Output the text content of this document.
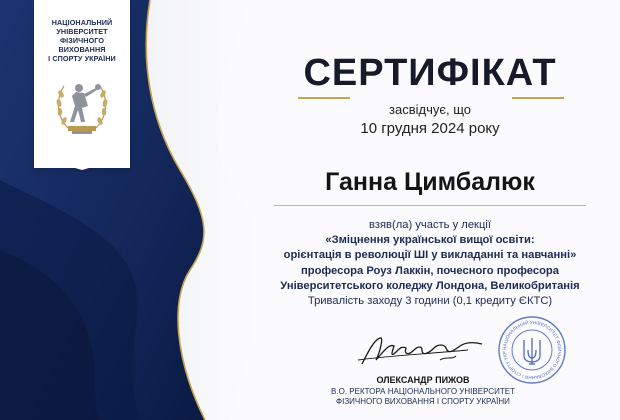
НАЦІОНАЛЬНИЙ
УНІВЕРСИТЕТ
ФІЗИЧНОГО
ВИХОВАННЯ
І СПОРТУ УКРАЇНИ	СЕРТИФІКАТ
засвідчує, що
10 грудня 2024 року
Ганна Цимбалюк
взяв(ла) участь у лекції
«Зміцнення української вищої освіти:
орієнтація в революції ШІ у викладанні та навчанні»
професора Роуз Лаккін, почесного професора
Університетського коледжу Лондона, Великобританія
Тривалість заходу 3 години (0,1 кредиту ЄКТС)
НАЦІОНАЛЬНИЙ УНІВЕРСИТЕТ ФІЗИЧНОГО ВИХОВАННЯ І СПОРТУ УКР
ОЛЕКСАНДР ПИЖОВ
В.О. РЕКТОРА НАЦІОНАЛЬНОГО УНІВЕРСИТЕТ
ФІЗИЧНОГО ВИХОВАННЯ І СПОРТУ УКРАЇНИ
